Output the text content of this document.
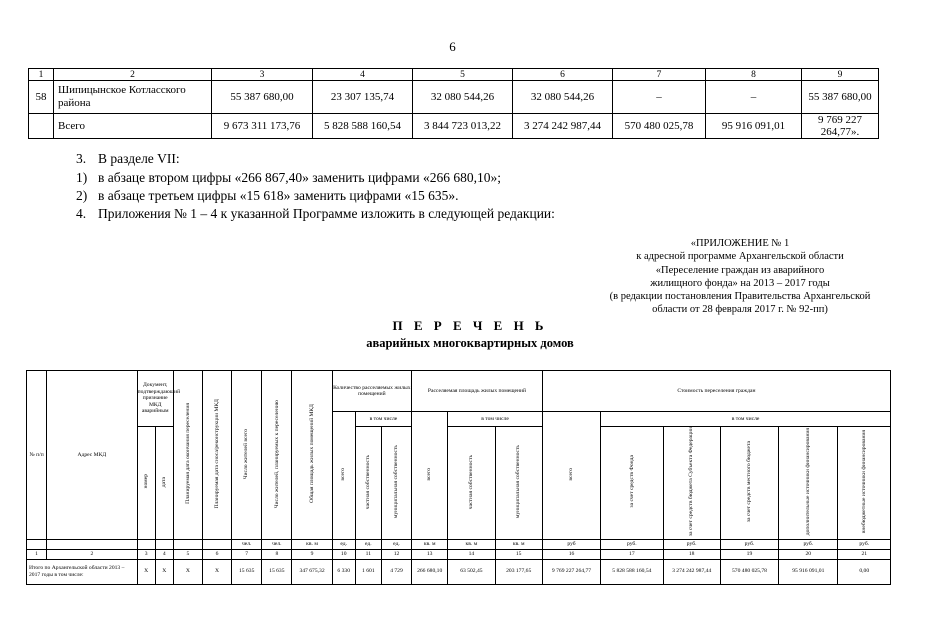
6
1	2	3	4	5	6	7	8	9
58	Шипицынское Котласского района	55 387 680,00	23 307 135,74	32 080 544,26	32 080 544,26	–	–	55 387 680,00
	Всего	9 673 311 173,76	5 828 588 160,54	3 844 723 013,22	3 274 242 987,44	570 480 025,78	95 916 091,01	9 769 227 264,77».
3. В разделе VII:
1) в абзаце втором цифры «266 867,40» заменить цифрами «266 680,10»;
2) в абзаце третьем цифры «15 618» заменить цифрами «15 635».
4. Приложения № 1 – 4 к указанной Программе изложить в следующей редакции:
«ПРИЛОЖЕНИЕ № 1
к адресной программе Архангельской области
«Переселение граждан из аварийного
жилищного фонда» на 2013 – 2017 годы
(в редакции постановления Правительства Архангельской
области от 28 февраля 2017 г. № 92-пп)
П Е Р Е Ч Е Н Ь
аварийных многоквартирных домов
№ п/п	Адрес МКД	Документ, подтверждающий признание МКД аварийным		Планируемая дата окончания переселения	Планируемая дата сноса/реконструкции МКД	Число жителей всего	Число жителей, планируемых к переселению	Общая площадь жилых помещений МКД	Количество расселяемых жилых помещений			Расселяемая площадь жилых помещений			Стоимость переселения граждан					
									всего	в том числе		всего	в том числе		всего	в том числе				
		номер	дата							частная собственность	муниципальная собственность		частная собственность	муниципальная собственность		за счет средств Фонда	за счет средств бюджета Субъекта Федерации	за счет средств местного бюджета	дополнительные источники финансирования	внебюджетные источники финансирования
						чел.	чел.	кв. м	ед.	ед.	ед.	кв. м	кв. м	кв. м	руб	руб.	руб.	руб.	руб.	руб.
1	2	3	4	5	6	7	8	9	10	11	12	13	14	15	16	17	18	19	20	21
Итого по Архангельской области 2013 – 2017 годы в том числе:		X	X	X	X	15 635	15 635	347 675,32	6 330	1 601	4 729	266 680,10	63 502,45	203 177,65	9 769 227 264,77	5 828 588 160,54	3 274 242 987,44	570 480 025,78	95 916 091,01	0,00
